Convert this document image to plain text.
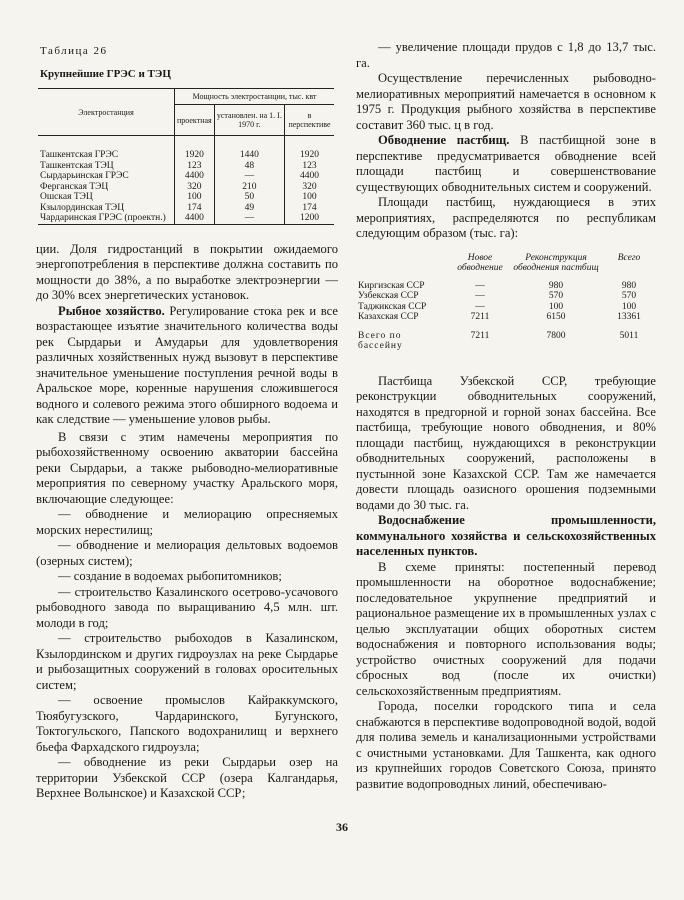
Таблица 26
Крупнейшие ГРЭС и ТЭЦ
Электростанция	Мощность электростанции, тыс. квт		
	проектная	установлен. на 1. I. 1970 г.	в перспективе

Ташкентская ГРЭС	1920	1440	1920
Ташкентская ТЭЦ	123	48	123
Сырдарьинская ГРЭС	4400	—	4400
Ферганская ТЭЦ	320	210	320
Ошская ТЭЦ	100	50	100
Кзылординская ТЭЦ	174	49	174
Чардаринская ГРЭС (проектн.)	4400	—	1200

ции. Доля гидростанций в покрытии ожидаемого энергопотребления в перспективе должна составить по мощности до 38%, а по выработке электроэнергии — до 30% всех энергетических установок.

Рыбное хозяйство. Регулирование стока рек и все возрастающее изъятие значительного количества воды рек Сырдарьи и Амударьи для удовлетворения различных хозяйственных нужд вызовут в перспективе значительное уменьшение поступления речной воды в Аральское море, коренные нарушения сложившегося водного и солевого режима этого обширного водоема и как следствие — уменьшение уловов рыбы.

В связи с этим намечены мероприятия по рыбохозяйственному освоению акватории бассейна реки Сырдарьи, а также рыбоводно-мелиоративные мероприятия по северному участку Аральского моря, включающие следующее:

— обводнение и мелиорацию опресняемых морских нерестилищ;

— обводнение и мелиорация дельтовых водоемов (озерных систем);

— создание в водоемах рыбопитомников;

— строительство Казалинского осетрово-усачового рыбоводного завода по выращиванию 4,5 млн. шт. молоди в год;

— строительство рыбоходов в Казалинском, Кзылординском и других гидроузлах на реке Сырдарье и рыбозащитных сооружений в головах оросительных систем;

— освоение промыслов Кайраккумского, Тюябугузского, Чардаринского, Бугунского, Токтогульского, Папского водохранилищ и верхнего бьефа Фархадского гидроузла;

— обводнение из реки Сырдарьи озер на территории Узбекской ССР (озера Калгандарья, Верхнее Волынское) и Казахской ССР;

— увеличение площади прудов с 1,8 до 13,7 тыс. га.

Осуществление перечисленных рыбоводно-мелиоративных мероприятий намечается в основном к 1975 г. Продукция рыбного хозяйства в перспективе составит 360 тыс. ц в год.

Обводнение пастбищ. В пастбищной зоне в перспективе предусматривается обводнение всей площади пастбищ и совершенствование существующих обводнительных систем и сооружений.

Площади пастбищ, нуждающиеся в этих мероприятиях, распределяются по республикам следующим образом (тыс. га):

	Новое обводнение	Реконструкция обводнения пастбищ	Всего

Киргизская ССР	—	980	980
Узбекская ССР	—	570	570
Таджикская ССР	—	100	100
Казахская ССР	7211	6150	13361

Всего по бассейну	7211	7800	5011

Пастбища Узбекской ССР, требующие реконструкции обводнительных сооружений, находятся в предгорной и горной зонах бассейна. Все пастбища, требующие нового обводнения, и 80% площади пастбищ, нуждающихся в реконструкции обводнительных сооружений, расположены в пустынной зоне Казахской ССР. Там же намечается довести площадь оазисного орошения подземными водами до 30 тыс. га.

Водоснабжение промышленности, коммунального хозяйства и сельскохозяйственных населенных пунктов.

В схеме приняты: постепенный перевод промышленности на оборотное водоснабжение; последовательное укрупнение предприятий и рациональное размещение их в промышленных узлах с целью эксплуатации общих оборотных систем водоснабжения и повторного использования воды; устройство очистных сооружений для подачи сбросных вод (после их очистки) сельскохозяйственным предприятиям.

Города, поселки городского типа и села снабжаются в перспективе водопроводной водой, водой для полива земель и канализационными устройствами с очистными установками. Для Ташкента, как одного из крупнейших городов Советского Союза, принято развитие водопроводных линий, обеспечиваю-

36
